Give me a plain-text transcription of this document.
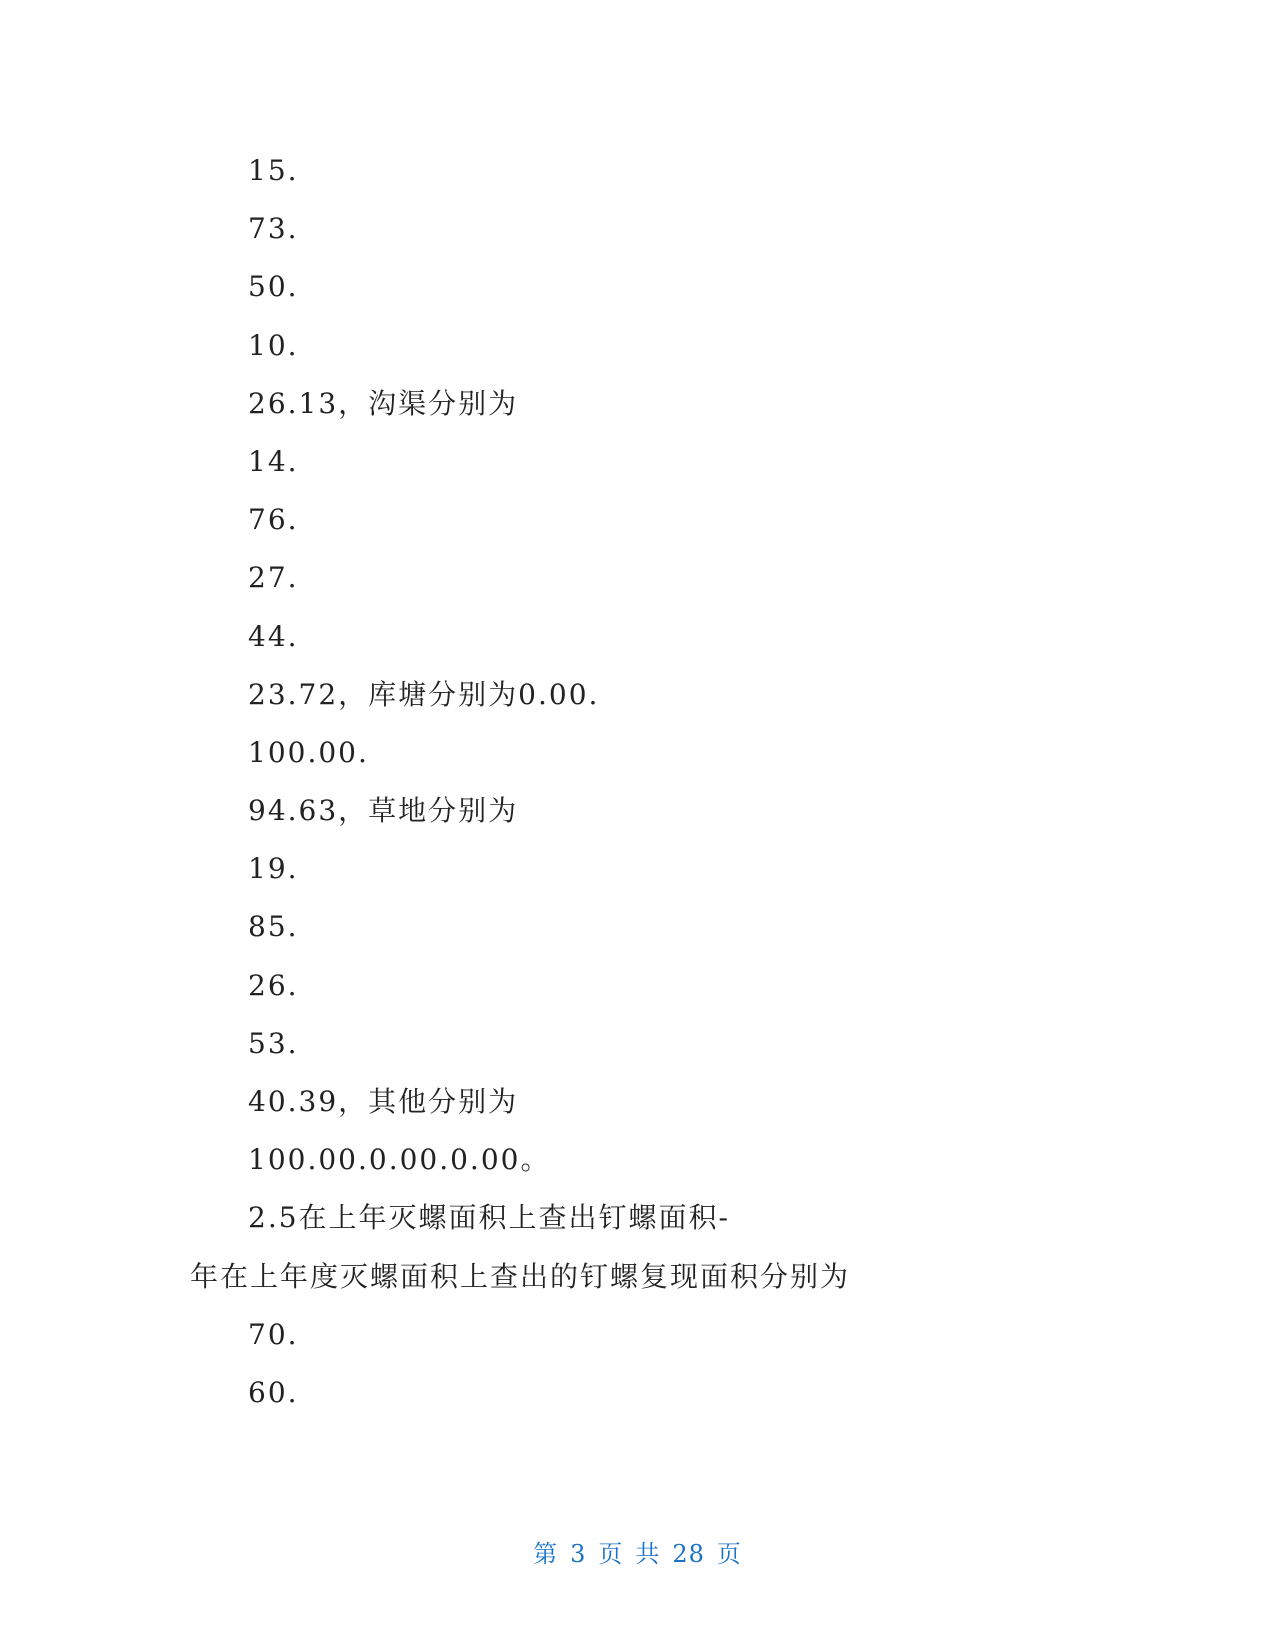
15.
73.
50.
10.
26.13，沟渠分别为
14.
76.
27.
44.
23.72，库塘分别为0.00.
100.00.
94.63，草地分别为
19.
85.
26.
53.
40.39，其他分别为
100.00.0.00.0.00。
2.5在上年灭螺面积上查出钉螺面积-
年在上年度灭螺面积上查出的钉螺复现面积分别为
70.
60.
第 3 页 共 28 页
